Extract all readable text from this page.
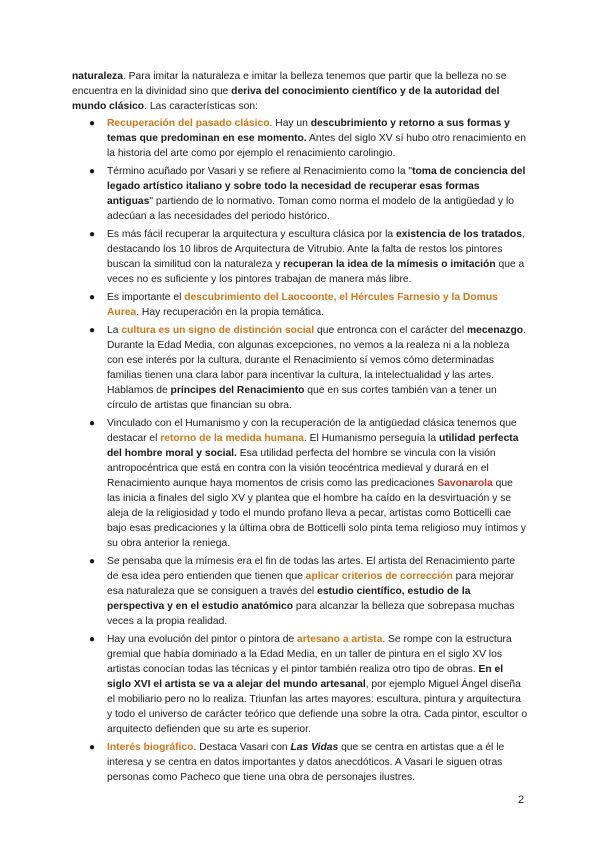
naturaleza. Para imitar la naturaleza e imitar la belleza tenemos que partir que la belleza no se encuentra en la divinidad sino que deriva del conocimiento científico y de la autoridad del mundo clásico. Las características son:

● Recuperación del pasado clásico. Hay un descubrimiento y retorno a sus formas y temas que predominan en ese momento. Antes del siglo XV sí hubo otro renacimiento en la historia del arte como por ejemplo el renacimiento carolingio.
● Término acuñado por Vasari y se refiere al Renacimiento como la "toma de conciencia del legado artístico italiano y sobre todo la necesidad de recuperar esas formas antiguas" partiendo de lo normativo. Toman como norma el modelo de la antigüedad y lo adecúan a las necesidades del periodo histórico.
● Es más fácil recuperar la arquitectura y escultura clásica por la existencia de los tratados, destacando los 10 libros de Arquitectura de Vitrubio. Ante la falta de restos los pintores buscan la similitud con la naturaleza y recuperan la idea de la mímesis o imitación que a veces no es suficiente y los pintores trabajan de manera más libre.
● Es importante el descubrimiento del Laocoonte, el Hércules Farnesio y la Domus Aurea. Hay recuperación en la propia temática.
● La cultura es un signo de distinción social que entronca con el carácter del mecenazgo. Durante la Edad Media, con algunas excepciones, no vemos a la realeza ni a la nobleza con ese interés por la cultura, durante el Renacimiento sí vemos cómo determinadas familias tienen una clara labor para incentivar la cultura, la intelectualidad y las artes. Hablamos de príncipes del Renacimiento que en sus cortes también van a tener un círculo de artistas que financian su obra.
● Vinculado con el Humanismo y con la recuperación de la antigüedad clásica tenemos que destacar el retorno de la medida humana. El Humanismo perseguía la utilidad perfecta del hombre moral y social. Esa utilidad perfecta del hombre se vincula con la visión antropocéntrica que está en contra con la visión teocéntrica medieval y durará en el Renacimiento aunque haya momentos de crisis como las predicaciones Savonarola que las inicia a finales del siglo XV y plantea que el hombre ha caído en la desvirtuación y se aleja de la religiosidad y todo el mundo profano lleva a pecar, artistas como Botticelli cae bajo esas predicaciones y la última obra de Botticelli solo pinta tema religioso muy íntimos y su obra anterior la reniega.
● Se pensaba que la mímesis era el fin de todas las artes. El artista del Renacimiento parte de esa idea pero entienden que tienen que aplicar criterios de corrección para mejorar esa naturaleza que se consiguen a través del estudio científico, estudio de la perspectiva y en el estudio anatómico para alcanzar la belleza que sobrepasa muchas veces a la propia realidad.
● Hay una evolución del pintor o pintora de artesano a artista. Se rompe con la estructura gremial que había dominado a la Edad Media, en un taller de pintura en el siglo XV los artistas conocían todas las técnicas y el pintor también realiza otro tipo de obras. En el siglo XVI el artista se va a alejar del mundo artesanal, por ejemplo Miguel Ángel diseña el mobiliario pero no lo realiza. Triunfan las artes mayores: escultura, pintura y arquitectura y todo el universo de carácter teórico que defiende una sobre la otra. Cada pintor, escultor o arquitecto defienden que su arte es superior.
● Interés biográfico. Destaca Vasari con Las Vidas que se centra en artistas que a él le interesa y se centra en datos importantes y datos anecdóticos. A Vasari le siguen otras personas como Pacheco que tiene una obra de personajes ilustres.
2
